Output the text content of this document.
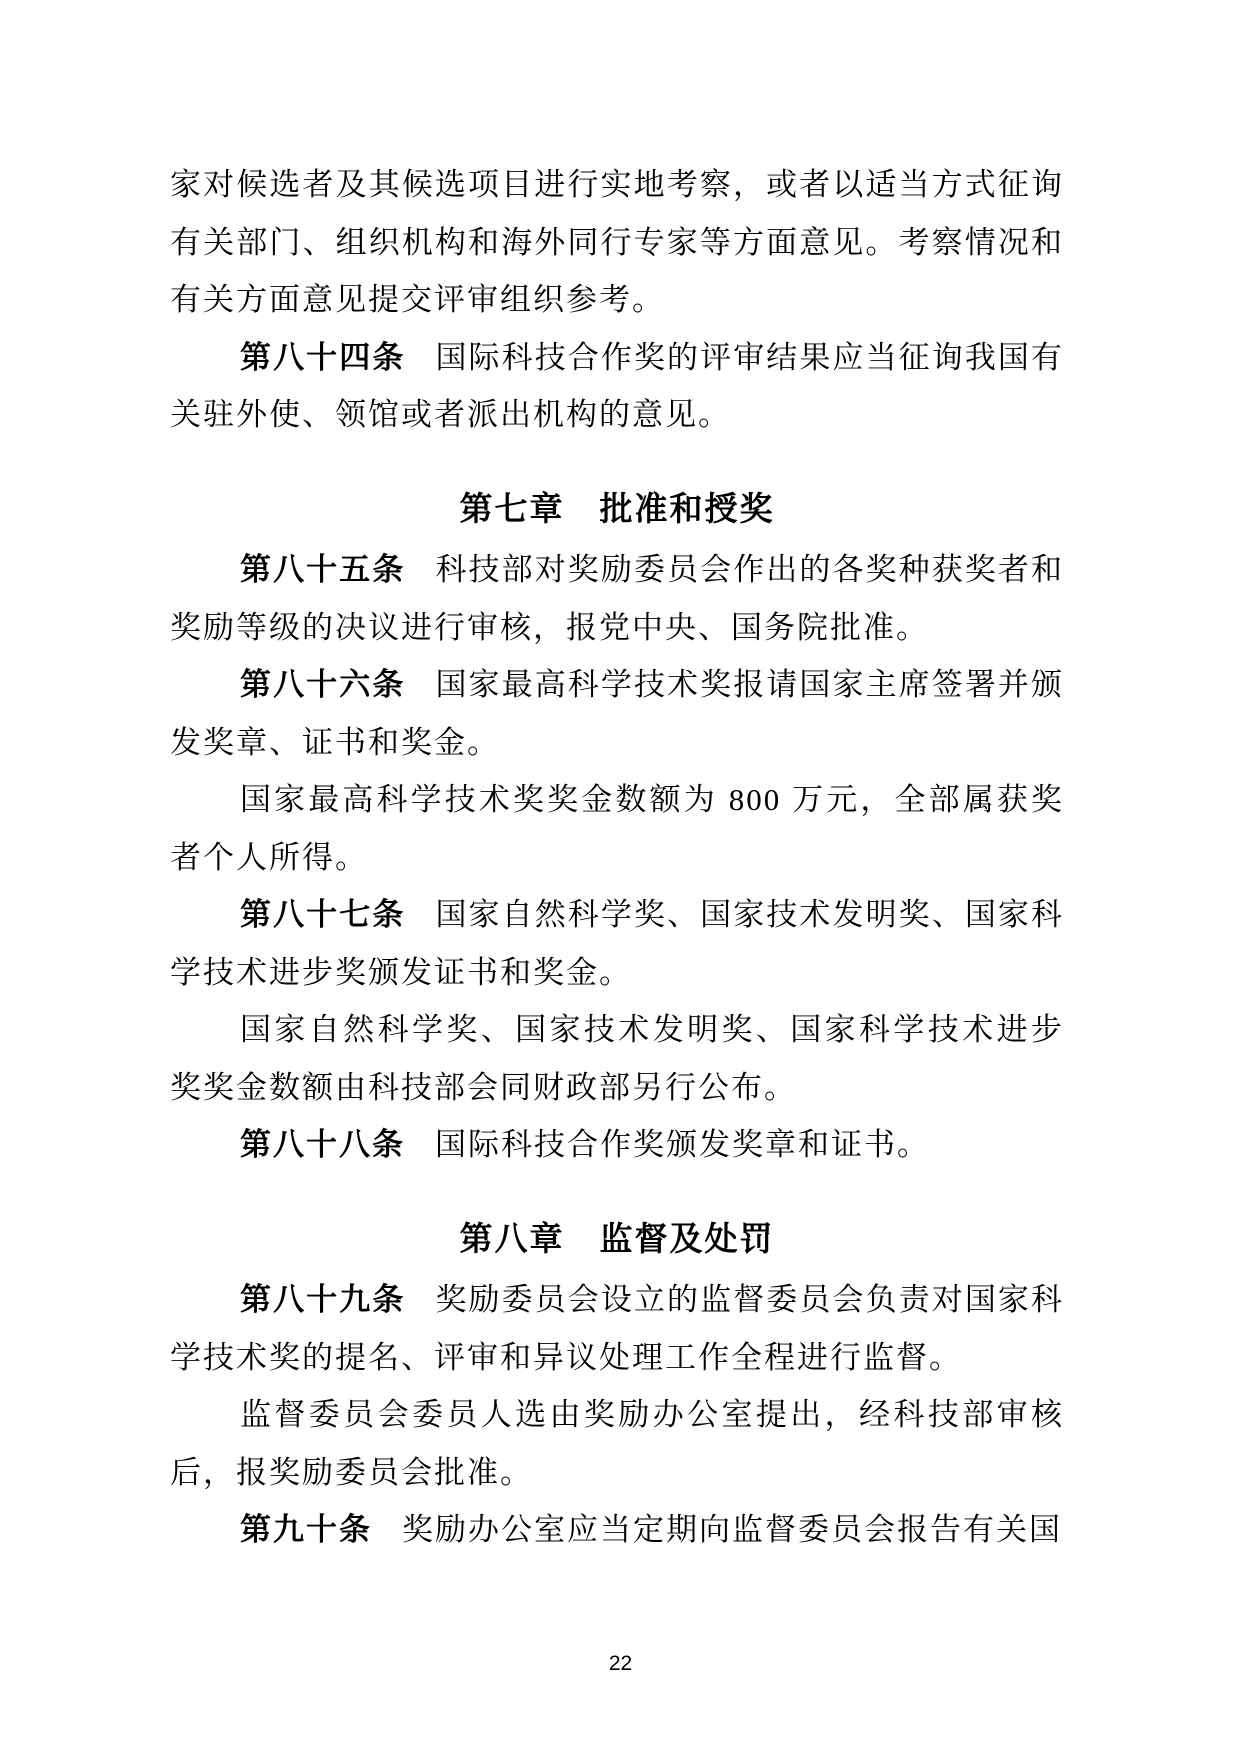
家对候选者及其候选项目进行实地考察，或者以适当方式征询有关部门、组织机构和海外同行专家等方面意见。考察情况和有关方面意见提交评审组织参考。

第八十四条 国际科技合作奖的评审结果应当征询我国有关驻外使、领馆或者派出机构的意见。

第七章　批准和授奖

第八十五条 科技部对奖励委员会作出的各奖种获奖者和奖励等级的决议进行审核，报党中央、国务院批准。

第八十六条 国家最高科学技术奖报请国家主席签署并颁发奖章、证书和奖金。

国家最高科学技术奖奖金数额为 800 万元，全部属获奖者个人所得。

第八十七条 国家自然科学奖、国家技术发明奖、国家科学技术进步奖颁发证书和奖金。

国家自然科学奖、国家技术发明奖、国家科学技术进步奖奖金数额由科技部会同财政部另行公布。

第八十八条 国际科技合作奖颁发奖章和证书。

第八章　监督及处罚

第八十九条 奖励委员会设立的监督委员会负责对国家科学技术奖的提名、评审和异议处理工作全程进行监督。

监督委员会委员人选由奖励办公室提出，经科技部审核后，报奖励委员会批准。

第九十条 奖励办公室应当定期向监督委员会报告有关国

22
